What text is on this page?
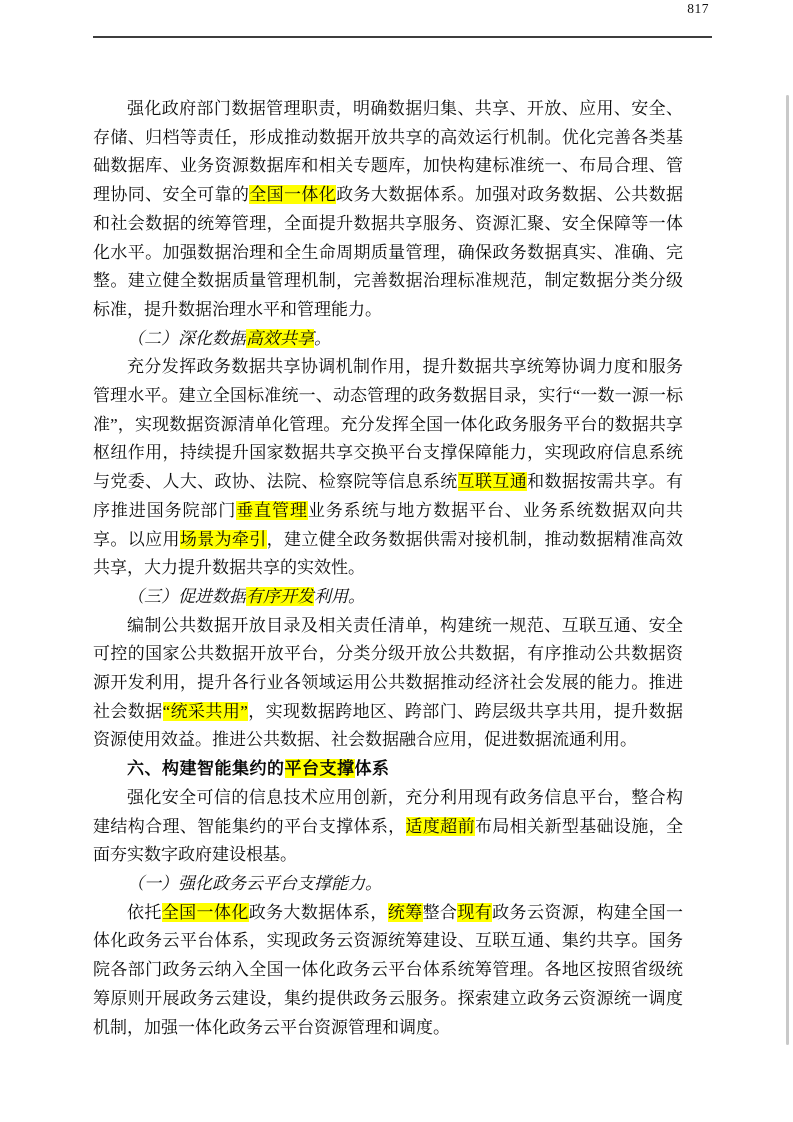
817

强化政府部门数据管理职责，明确数据归集、共享、开放、应用、安全、存储、归档等责任，形成推动数据开放共享的高效运行机制。优化完善各类基础数据库、业务资源数据库和相关专题库，加快构建标准统一、布局合理、管理协同、安全可靠的全国一体化政务大数据体系。加强对政务数据、公共数据和社会数据的统筹管理，全面提升数据共享服务、资源汇聚、安全保障等一体化水平。加强数据治理和全生命周期质量管理，确保政务数据真实、准确、完整。建立健全数据质量管理机制，完善数据治理标准规范，制定数据分类分级标准，提升数据治理水平和管理能力。

（二）深化数据高效共享。

充分发挥政务数据共享协调机制作用，提升数据共享统筹协调力度和服务管理水平。建立全国标准统一、动态管理的政务数据目录，实行“一数一源一标准”，实现数据资源清单化管理。充分发挥全国一体化政务服务平台的数据共享枢纽作用，持续提升国家数据共享交换平台支撑保障能力，实现政府信息系统与党委、人大、政协、法院、检察院等信息系统互联互通和数据按需共享。有序推进国务院部门垂直管理业务系统与地方数据平台、业务系统数据双向共享。以应用场景为牵引，建立健全政务数据供需对接机制，推动数据精准高效共享，大力提升数据共享的实效性。

（三）促进数据有序开发利用。

编制公共数据开放目录及相关责任清单，构建统一规范、互联互通、安全可控的国家公共数据开放平台，分类分级开放公共数据，有序推动公共数据资源开发利用，提升各行业各领域运用公共数据推动经济社会发展的能力。推进社会数据“统采共用”，实现数据跨地区、跨部门、跨层级共享共用，提升数据资源使用效益。推进公共数据、社会数据融合应用，促进数据流通利用。

六、构建智能集约的平台支撑体系

强化安全可信的信息技术应用创新，充分利用现有政务信息平台，整合构建结构合理、智能集约的平台支撑体系，适度超前布局相关新型基础设施，全面夯实数字政府建设根基。

（一）强化政务云平台支撑能力。

依托全国一体化政务大数据体系，统筹整合现有政务云资源，构建全国一体化政务云平台体系，实现政务云资源统筹建设、互联互通、集约共享。国务院各部门政务云纳入全国一体化政务云平台体系统筹管理。各地区按照省级统筹原则开展政务云建设，集约提供政务云服务。探索建立政务云资源统一调度机制，加强一体化政务云平台资源管理和调度。
